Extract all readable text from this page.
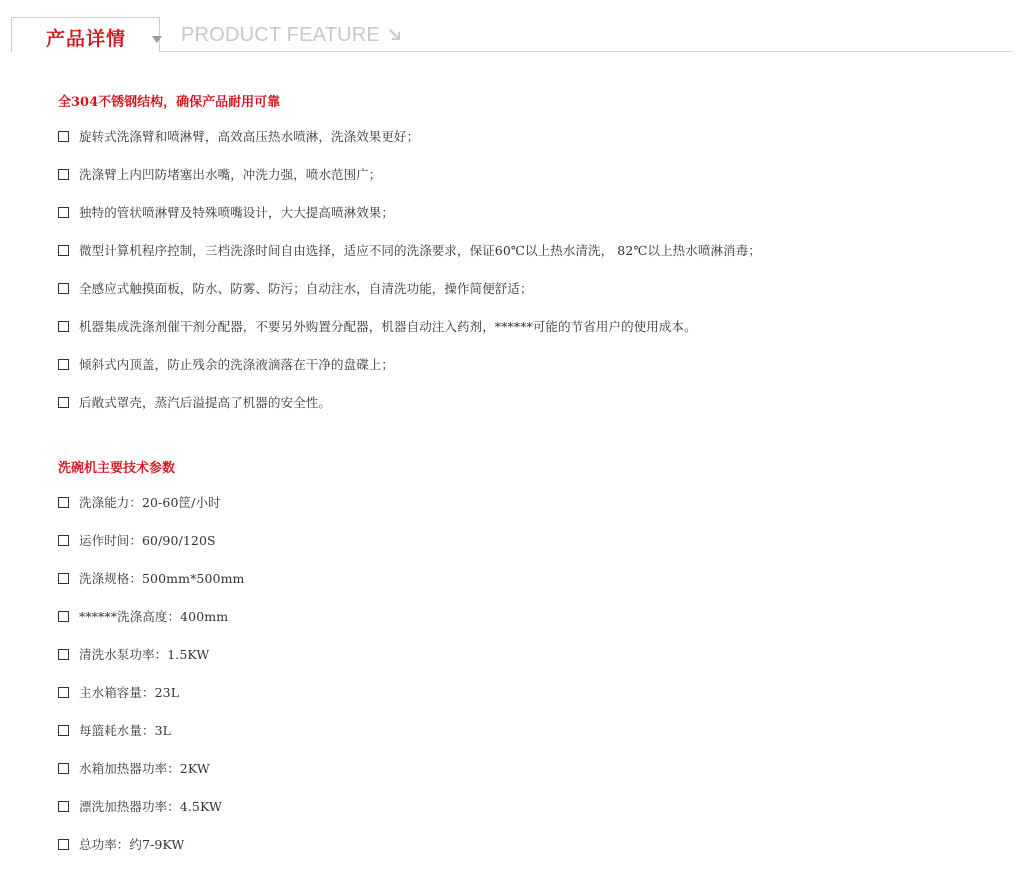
产品详情	PRODUCT FEATURE
全304不锈钢结构，确保产品耐用可靠
旋转式洗涤臂和喷淋臂，高效高压热水喷淋，洗涤效果更好；
洗涤臂上内凹防堵塞出水嘴，冲洗力强，喷水范围广；
独特的管状喷淋臂及特殊喷嘴设计，大大提高喷淋效果；
微型计算机程序控制，三档洗涤时间自由选择，适应不同的洗涤要求，保证60℃以上热水清洗， 82℃以上热水喷淋消毒；
全感应式触摸面板，防水、防雾、防污；自动注水，自清洗功能，操作简便舒适；
机器集成洗涤剂催干剂分配器，不要另外购置分配器，机器自动注入药剂，******可能的节省用户的使用成本。
倾斜式内顶盖，防止残余的洗涤液滴落在干净的盘碟上；
后敞式罩壳，蒸汽后溢提高了机器的安全性。
洗碗机主要技术参数
洗涤能力：20-60筐/小时
运作时间：60/90/120S
洗涤规格：500mm*500mm
******洗涤高度：400mm
清洗水泵功率：1.5KW
主水箱容量：23L
每篮耗水量：3L
水箱加热器功率：2KW
漂洗加热器功率：4.5KW
总功率：约7-9KW
